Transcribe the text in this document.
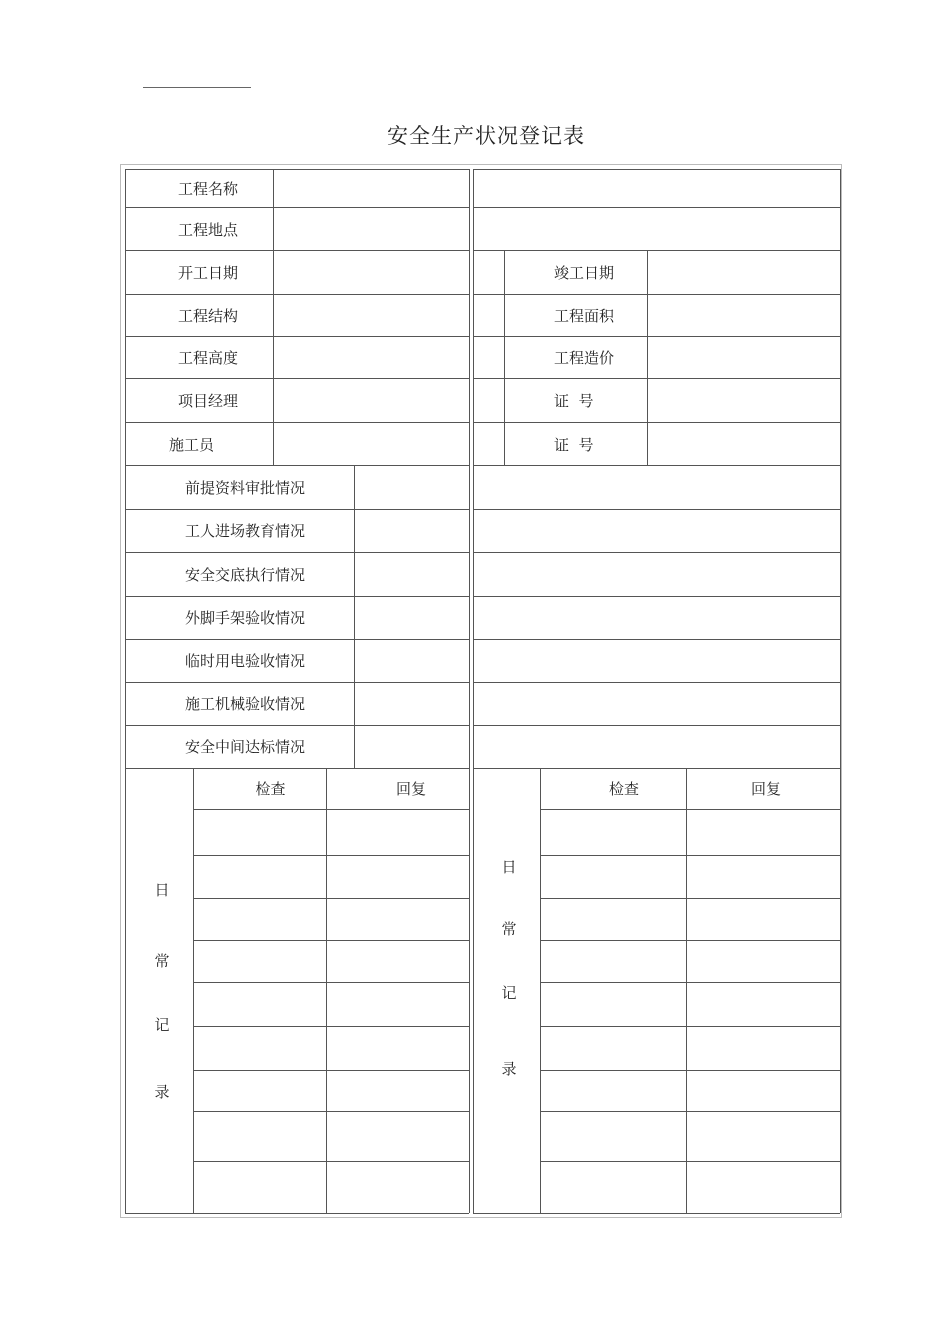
安全生产状况登记表
工程名称
工程地点
开工日期	竣工日期
工程结构	工程面积
工程高度	工程造价
项目经理	证  号
施工员	证  号
前提资料审批情况
工人进场教育情况
安全交底执行情况
外脚手架验收情况
临时用电验收情况
施工机械验收情况
安全中间达标情况
检查	回复	检查	回复
日
常
记
录
日
常
记
录
